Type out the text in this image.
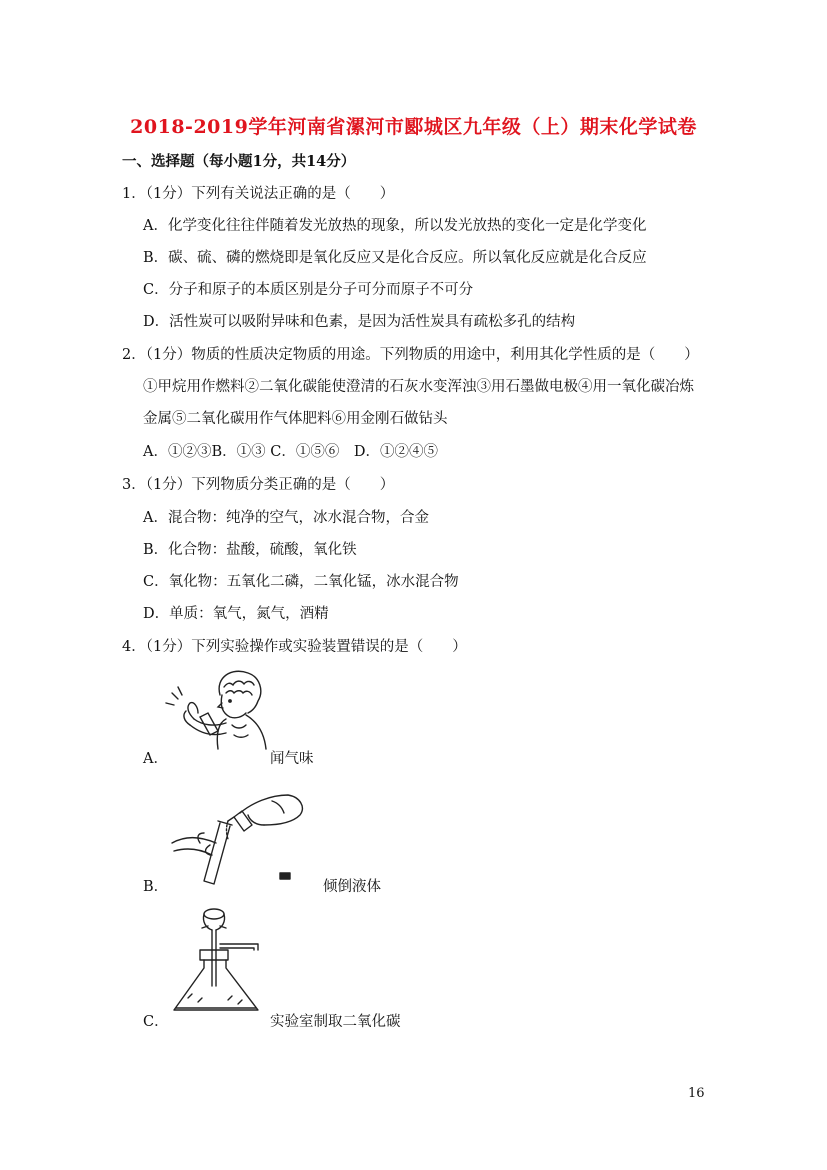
2018-2019学年河南省漯河市郾城区九年级（上）期末化学试卷
一、选择题（每小题1分，共14分）
1．（1分）下列有关说法正确的是（　　）
A．化学变化往往伴随着发光放热的现象，所以发光放热的变化一定是化学变化
B．碳、硫、磷的燃烧即是氧化反应又是化合反应。所以氧化反应就是化合反应
C．分子和原子的本质区别是分子可分而原子不可分
D．活性炭可以吸附异味和色素，是因为活性炭具有疏松多孔的结构
2．（1分）物质的性质决定物质的用途。下列物质的用途中，利用其化学性质的是（　　）
①甲烷用作燃料②二氧化碳能使澄清的石灰水变浑浊③用石墨做电极④用一氧化碳冶炼
金属⑤二氧化碳用作气体肥料⑥用金刚石做钻头
A．①②③B．①③ C．①⑤⑥　D．①②④⑤
3．（1分）下列物质分类正确的是（　　）
A．混合物：纯净的空气，冰水混合物，合金
B．化合物：盐酸，硫酸，氧化铁
C．氧化物：五氧化二磷，二氧化锰，冰水混合物
D．单质：氧气，氮气，酒精
4．（1分）下列实验操作或实验装置错误的是（　　）
A．	闻气味
B．	倾倒液体
C．	实验室制取二氧化碳
16
